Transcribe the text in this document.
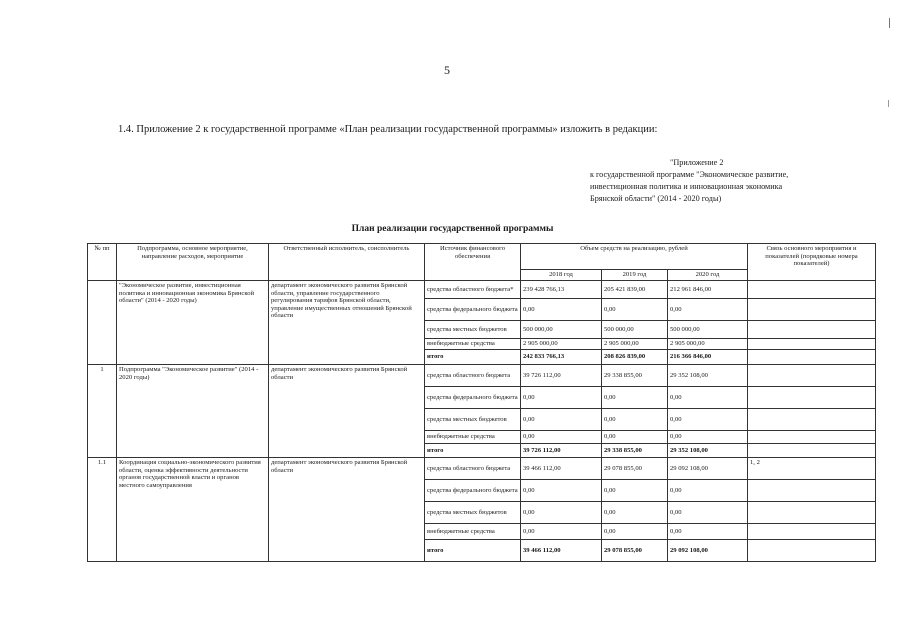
5
1.4. Приложение 2 к государственной программе «План реализации государственной программы» изложить в редакции:
"Приложение 2
к государственной программе "Экономическое развитие,
инвестиционная политика и инновационная экономика
Брянской области" (2014 - 2020 годы)
План реализации государственной программы
№ пп	Подпрограмма, основное мероприятие, направление расходов, мероприятие	Ответственный исполнитель, соисполнитель	Источник финансового обеспечения	Объем средств на реализацию, рублей			Связь основного мероприятия и показателей (порядковые номера показателей)
				2018 год	2019 год	2020 год	
	"Экономическое развитие, инвестиционная политика и инновационная экономика Брянской области" (2014 - 2020 годы)	департамент экономического развития Брянской области, управление государственного регулирования тарифов Брянской области, управление имущественных отношений Брянской области	средства областного бюджета*	239 428 766,13	205 421 839,00	212 961 846,00	
			средства федерального бюджета	0,00	0,00	0,00	
			средства местных бюджетов	500 000,00	500 000,00	500 000,00	
			внебюджетные средства	2 905 000,00	2 905 000,00	2 905 000,00	
			итого	242 833 766,13	208 826 839,00	216 366 846,00	
1	Подпрограмма "Экономическое развитие" (2014 - 2020 годы)	департамент экономического развития Брянской области	средства областного бюджета	39 726 112,00	29 338 855,00	29 352 108,00	
			средства федерального бюджета	0,00	0,00	0,00	
			средства местных бюджетов	0,00	0,00	0,00	
			внебюджетные средства	0,00	0,00	0,00	
			итого	39 726 112,00	29 338 855,00	29 352 108,00	
1.1	Координация социально-экономического развития области, оценка эффективности деятельности органов государственной власти и органов местного самоуправления	департамент экономического развития Брянской области	средства областного бюджета	39 466 112,00	29 078 855,00	29 092 108,00	1, 2
			средства федерального бюджета	0,00	0,00	0,00	
			средства местных бюджетов	0,00	0,00	0,00	
			внебюджетные средства	0,00	0,00	0,00	
			итого	39 466 112,00	29 078 855,00	29 092 108,00	
